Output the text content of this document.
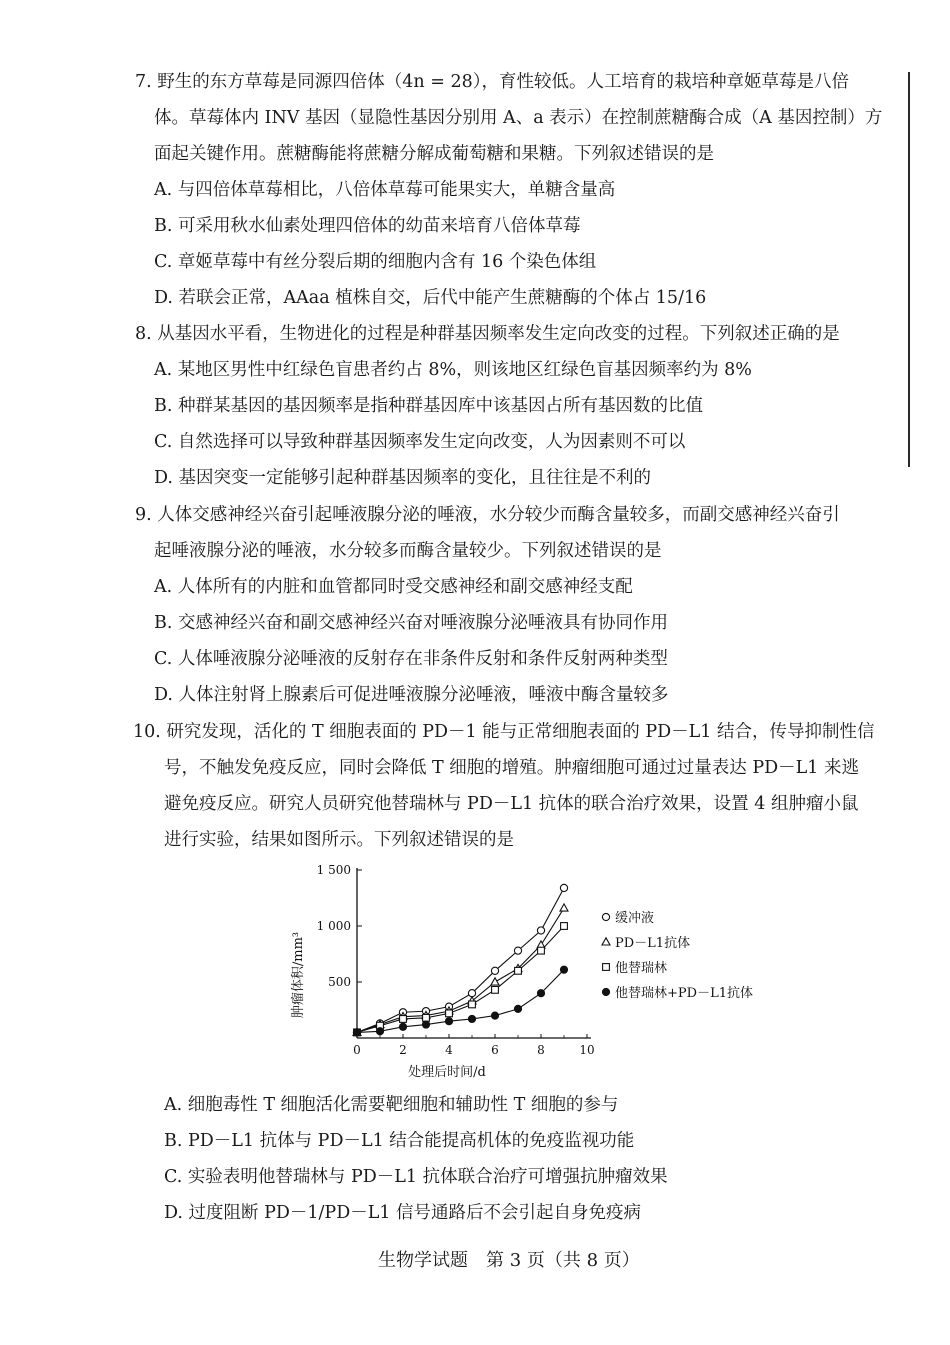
7. 野生的东方草莓是同源四倍体（4n = 28），育性较低。人工培育的栽培种章姬草莓是八倍
体。草莓体内 INV 基因（显隐性基因分别用 A、a 表示）在控制蔗糖酶合成（A 基因控制）方
面起关键作用。蔗糖酶能将蔗糖分解成葡萄糖和果糖。下列叙述错误的是
A. 与四倍体草莓相比，八倍体草莓可能果实大，单糖含量高
B. 可采用秋水仙素处理四倍体的幼苗来培育八倍体草莓
C. 章姬草莓中有丝分裂后期的细胞内含有 16 个染色体组
D. 若联会正常，AAaa 植株自交，后代中能产生蔗糖酶的个体占 15/16
8. 从基因水平看，生物进化的过程是种群基因频率发生定向改变的过程。下列叙述正确的是
A. 某地区男性中红绿色盲患者约占 8%，则该地区红绿色盲基因频率约为 8%
B. 种群某基因的基因频率是指种群基因库中该基因占所有基因数的比值
C. 自然选择可以导致种群基因频率发生定向改变，人为因素则不可以
D. 基因突变一定能够引起种群基因频率的变化，且往往是不利的
9. 人体交感神经兴奋引起唾液腺分泌的唾液，水分较少而酶含量较多，而副交感神经兴奋引
起唾液腺分泌的唾液，水分较多而酶含量较少。下列叙述错误的是
A. 人体所有的内脏和血管都同时受交感神经和副交感神经支配
B. 交感神经兴奋和副交感神经兴奋对唾液腺分泌唾液具有协同作用
C. 人体唾液腺分泌唾液的反射存在非条件反射和条件反射两种类型
D. 人体注射肾上腺素后可促进唾液腺分泌唾液，唾液中酶含量较多
10. 研究发现，活化的 T 细胞表面的 PD－1 能与正常细胞表面的 PD－L1 结合，传导抑制性信
号，不触发免疫反应，同时会降低 T 细胞的增殖。肿瘤细胞可通过过量表达 PD－L1 来逃
避免疫反应。研究人员研究他替瑞林与 PD－L1 抗体的联合治疗效果，设置 4 组肿瘤小鼠
进行实验，结果如图所示。下列叙述错误的是
0	2	4	6	8	10
1 500
1 000
500
缓冲液
PD－L1抗体
他替瑞林
他替瑞林+PD－L1抗体
肿瘤体积/mm³
处理后时间/d
A. 细胞毒性 T 细胞活化需要靶细胞和辅助性 T 细胞的参与
B. PD－L1 抗体与 PD－L1 结合能提高机体的免疫监视功能
C. 实验表明他替瑞林与 PD－L1 抗体联合治疗可增强抗肿瘤效果
D. 过度阻断 PD－1/PD－L1 信号通路后不会引起自身免疫病
生物学试题　第 3 页（共 8 页）
